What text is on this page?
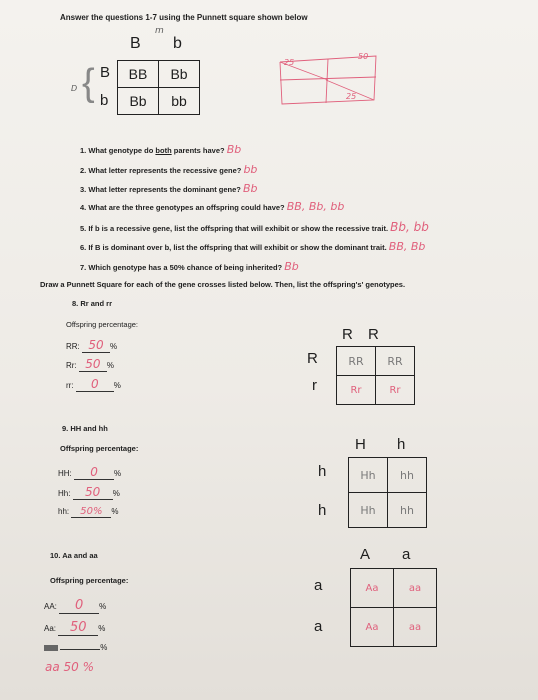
Answer the questions 1-7 using the Punnett square shown below
m
B b
D { B
b
BB	Bb
Bb	bb
25
50
25
1. What genotype do both parents have? Bb
2. What letter represents the recessive gene? bb
3. What letter represents the dominant gene? Bb
4. What are the three genotypes an offspring could have? BB, Bb, bb
5. If b is a recessive gene, list the offspring that will exhibit or show the recessive trait. Bb, bb
6. If B is dominant over b, list the offspring that will exhibit or show the dominant trait. BB, Bb
7. Which genotype has a 50% chance of being inherited? Bb
Draw a Punnett Square for each of the gene crosses listed below. Then, list the offspring's' genotypes.
8. Rr and rr
Offspring percentage:
RR: 50 %
Rr: 50 %
rr: 0 %
R R
R
r
RR	RR
Rr	Rr
9. HH and hh
Offspring percentage:
HH: 0 %
Hh: 50 %
hh: 50% %
H h
h
h
Hh	hh
Hh	hh
10. Aa and aa
Offspring percentage:
AA: 0 %
Aa: 50 %
%
aa 50 %
A a
a
a
Aa	aa
Aa	aa
